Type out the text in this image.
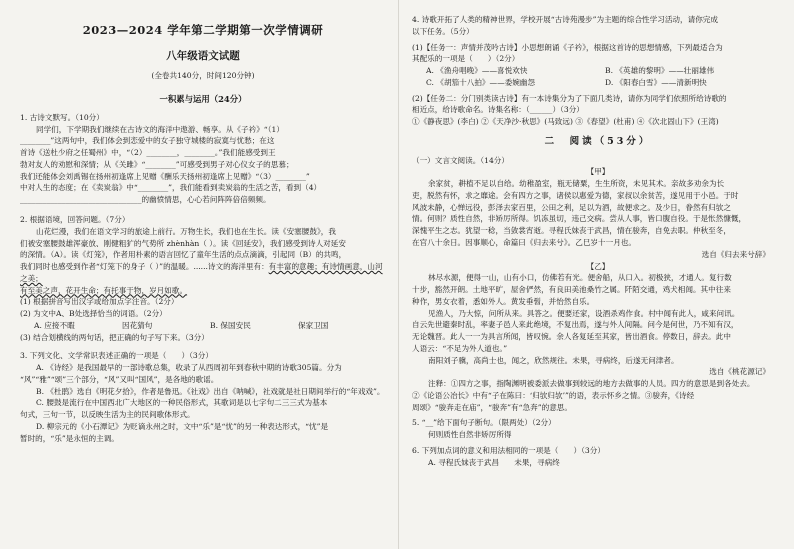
2023—2024 学年第二学期第一次学情调研

八年级语文试题

(全卷共140分，时间120分钟)

一积累与运用（24分）

1. 古诗文默写。（10分）

同学们，下学期我们继续在古诗文的海洋中遨游、畅享。从《子衿》“（1）

________”这两句中，我们体会到恋爱中的女子独守城楼的寂寞与忧愁；在这

首诗《送杜少府之任蜀州》中，“（2）________，________。”我们能感受到王

勃对友人的劝慰和深情；从《关雎》“________”可感受到男子对心仪女子的思慕；

我们还能体会刘禹锡在扬州初逢席上见赠《酬乐天扬州初逢席上见赠》“（3）________”

中对人生的态度；在《卖炭翁》中“________”，我们能看到卖炭翁的生活之苦，看到（4）

________________________________的幽愤情思，心心若问阵阵倍倍频频。

2. 根据语境，回答问题。（7分）

山花烂漫，我们在语文学习的旅途上前行。万物生长，我们也在生长。读《安塞腰鼓》，我

们被安塞腰鼓雄浑豪放、刚健粗犷的气势所 zhènhàn（ ）。读《回延安》，我们感受到诗人对延安

的深情。（A）。读《灯笼》，作者用朴素的语言回忆了童年生活的点点滴滴，引起同（B）的共鸣，

我们同时也感受到作者“灯笼下的身子（ ）”的温暖。......诗文的海洋里有：有丰富的意趣；有诗情画意，山河之美；

有至美之声，花开生命；有托事于物，岁月如歌。

(1) 根据拼音写出汉字或给加点字注音。（2分）

(2) 为文中A、B处选择恰当的词语。（2分）

A. 应接不暇	因花猜句	B. 保国安民	保家卫国

(3) 结合划横线的两句话，把正确的句子写下来。（3分）

3. 下列文化、文学常识表述正确的一项是（　　）（3分）

A. 《诗经》是我国最早的一部诗歌总集，收录了从西周初年到春秋中期的诗歌305篇。分为

“风”“雅”“颂”三个部分，“风”又叫“国风”，是各地的歌谣。

B. 《杜鹃》选自《明花夕拾》，作者是鲁迅。《社戏》出自《呐喊》，社戏就是社日期间举行的“年戏戏”。

C. 腰鼓是流行在中国西北广大地区的一种民俗形式，其歌词是以七字句二三三式为基本

句式，三句一节，以反映生活为主的民间歌体形式。

D. 柳宗元的《小石潭记》为贬谪永州之时，文中“乐”是“忧”的另一种表达形式，“忧”是

暂时的，“乐”是永恒的主调。

4. 诗歌开拓了人类的精神世界，学校开展“古诗苑漫步”为主题的综合性学习活动，请你完成

以下任务。（5分）

(1)【任务一：声情并茂吟古诗】小思想朗诵《子衿》，根据这首诗的思想情感，下列最适合为

其配乐的一项是（　　）（2分）

A. 《渔舟唱晚》——喜悦欢快	B. 《英雄的黎明》——壮丽雄伟
C. 《胡笳十八拍》——委婉幽怨	D. 《阳春白雪》——清新明快

(2)【任务二：分门别类读古诗】有一本诗集分为了下面几类诗，请你为同学们依照所给诗歌的

相近点，给诗歌命名。诗集名称：（______）（3分）

①《静夜思》(李白) ②《天净沙·秋思》(马致远) ③《春望》(杜甫) ④《次北固山下》(王湾)

二　阅读（53分）

（一）文言文阅读。（14分）

【甲】

余家贫，耕植不足以自给。幼稚盈室，瓶无储粟，生生所资，未见其术。亲故多劝余为长

吏，脱然有怀，求之靡途。会有四方之事，诸侯以惠爱为德，家叔以余贫苦，遂见用于小邑。于时

风波未静，心惮远役，彭泽去家百里，公田之利，足以为酒，故便求之。及少日，眷然有归欤之

情。何则？质性自然，非矫厉所得。饥冻虽切，违己交病。尝从人事，皆口腹自役。于是怅然慷慨，

深愧平生之志。犹望一稔，当敛裳宵逝。寻程氏妹丧于武昌，情在骏奔，自免去职。仲秋至冬，

在官八十余日。因事顺心，命篇曰《归去来兮》。乙巳岁十一月也。

选自《归去来兮辞》

【乙】

林尽水源，便得一山，山有小口，仿佛若有光。便舍船，从口入。初极狭，才通人。复行数

十步，豁然开朗。土地平旷，屋舍俨然，有良田美池桑竹之属。阡陌交通，鸡犬相闻。其中往来

种作，男女衣着，悉如外人。黄发垂髫，并怡然自乐。

见渔人，乃大惊，问所从来。具答之。便要还家，设酒杀鸡作食。村中闻有此人，咸来问讯。

自云先世避秦时乱，率妻子邑人来此绝境，不复出焉，遂与外人间隔。问今是何世，乃不知有汉，

无论魏晋。此人一一为具言所闻，皆叹惋。余人各复延至其家，皆出酒食。停数日，辞去。此中

人语云：“不足为外人道也。”

南阳刘子骥，高尚士也，闻之，欣然规往。未果，寻病终，后遂无问津者。

选自《桃花源记》

注释：①四方之事，指陶渊明被委派去做事到较远的地方去做事的人员。四方的意思是到各处去。

②《论语公冶长》中有“子在陈曰：‘归欤归欤’”的语，表示怀乡之情。③骏奔，《诗经

周颂》“骏奔走在庙”，“骏奔”有“急奔”的意思。

5. “__”给下面句子断句。（限两处）（2分）

何则质性自然非矫厉所得

6. 下列加点词的意义和用法相同的一项是（　　）（3分）

A. 寻程氏妹丧于武昌　　未果，寻病终
